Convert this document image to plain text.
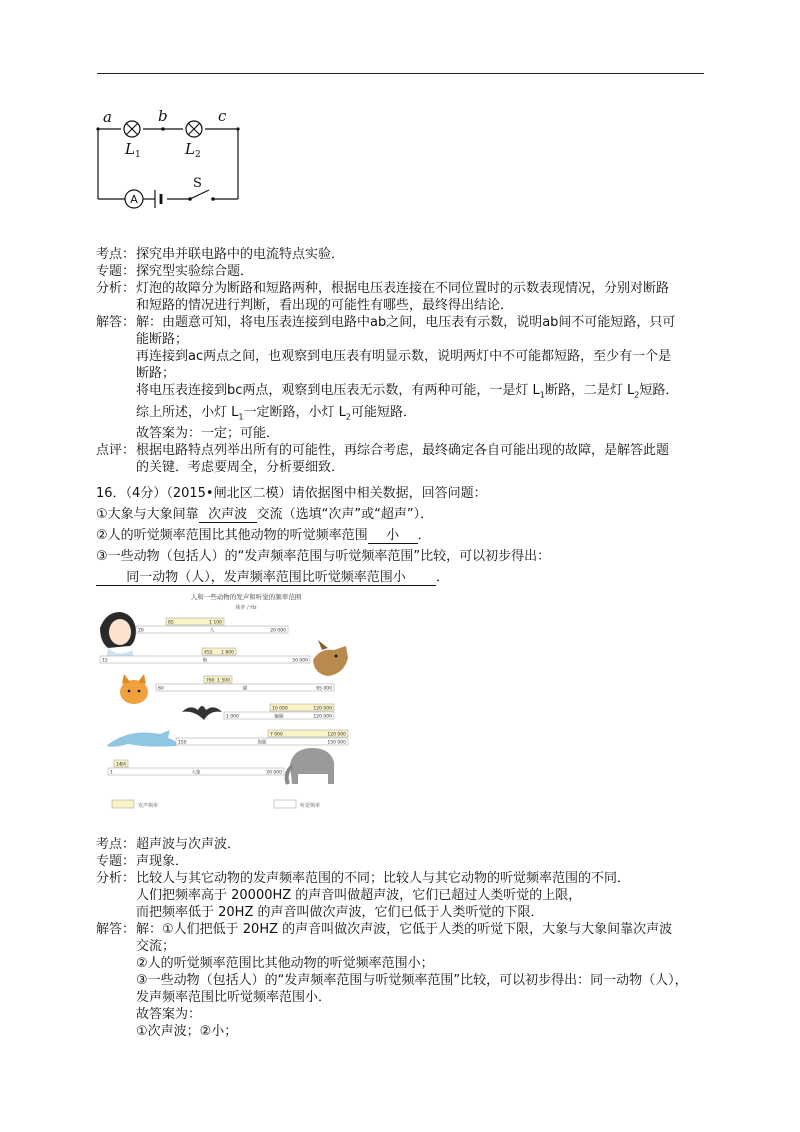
A
a	b	c
$L_1$	$L_2$
S
考点： 探究串并联电路中的电流特点实验．
专题： 探究型实验综合题．
分析： 灯泡的故障分为断路和短路两种，根据电压表连接在不同位置时的示数表现情况，分别对断路
和短路的情况进行判断，看出现的可能性有哪些，最终得出结论．
解答： 解：由题意可知，将电压表连接到电路中ab之间，电压表有示数，说明ab间不可能短路，只可
能断路；
再连接到ac两点之间，也观察到电压表有明显示数，说明两灯中不可能都短路，至少有一个是
断路；
将电压表连接到bc两点，观察到电压表无示数，有两种可能，一是灯 $L_1$断路，二是灯 $L_2$短路．
综上所述，小灯 $L_1$一定断路，小灯 $L_2$可能短路．
故答案为：一定；可能．
点评： 根据电路特点列举出所有的可能性，再综合考虑，最终确定各自可能出现的故障，是解答此题
的关键．考虑要周全，分析要细致．
16．（4分）（2015•闸北区二模）请依据图中相关数据，回答问题：
①大象与大象间靠 次声波 交流（选填“次声”或“超声”）．
②人的听觉频率范围比其他动物的听觉频率范围 小 ．
③一些动物（包括人）的“发声频率范围与听觉频率范围”比较，可以初步得出：
同一动物（人），发声频率范围比听觉频率范围小 ．
人和一些动物的发声和听觉的频率范围
频率 / Hz
85	1 100
20	20 000
人
452 1 800
15	50 000
狗
760 1 500
60	65 000
猫
10 000	120 000
1 000	120 000
蝙蝠
7 000	120 000
150	150 000
海豚
14
24
1	20 000
大象
发声频率	听觉频率
考点： 超声波与次声波．
专题： 声现象．
分析： 比较人与其它动物的发声频率范围的不同；比较人与其它动物的听觉频率范围的不同．
人们把频率高于 20000HZ 的声音叫做超声波，它们已超过人类听觉的上限，
而把频率低于 20HZ 的声音叫做次声波，它们已低于人类听觉的下限．
解答： 解：①人们把低于 20HZ 的声音叫做次声波，它低于人类的听觉下限，大象与大象间靠次声波
交流；
②人的听觉频率范围比其他动物的听觉频率范围小；
③一些动物（包括人）的“发声频率范围与听觉频率范围”比较，可以初步得出：同一动物（人），
发声频率范围比听觉频率范围小．
故答案为：
①次声波；②小；
